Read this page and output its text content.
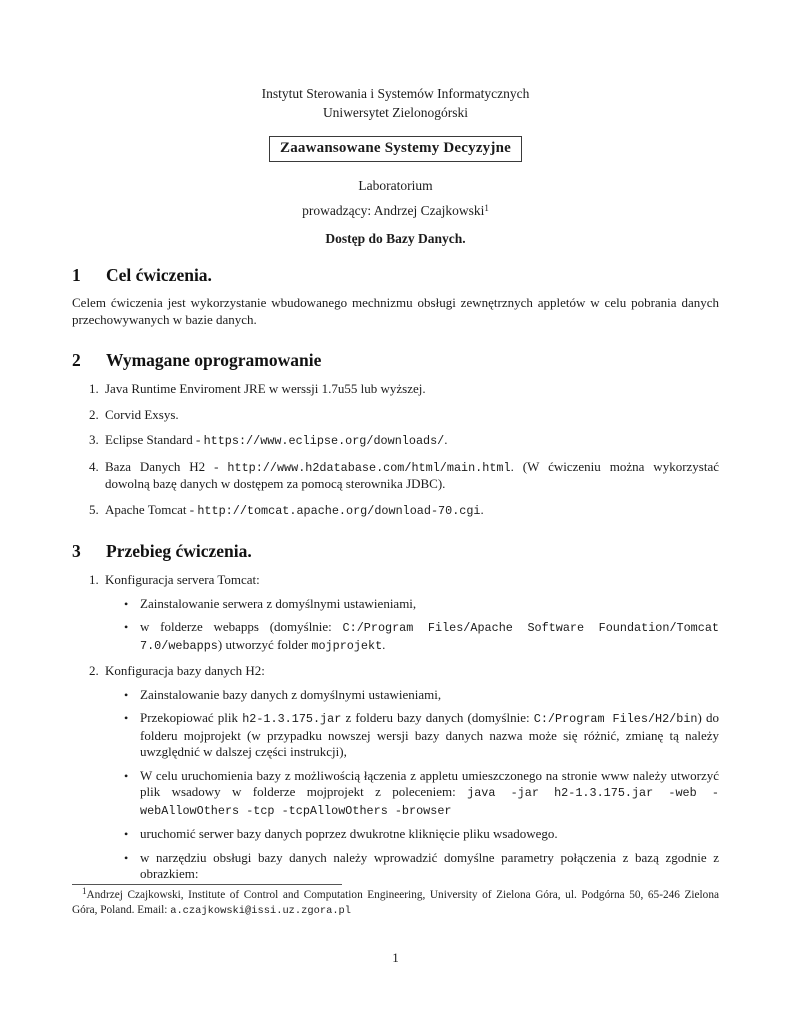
Instytut Sterowania i Systemów Informatycznych
Uniwersytet Zielonogórski
Zaawansowane Systemy Decyzyjne
Laboratorium
prowadzący: Andrzej Czajkowski$^1$
Dostęp do Bazy Danych.
1 Cel ćwiczenia.
Celem ćwiczenia jest wykorzystanie wbudowanego mechnizmu obsługi zewnętrznych appletów w celu pobrania danych przechowywanych w bazie danych.
2 Wymagane oprogramowanie
1. Java Runtime Enviroment JRE w werssji 1.7u55 lub wyższej.
2. Corvid Exsys.
3. Eclipse Standard - https://www.eclipse.org/downloads/.
4. Baza Danych H2 - http://www.h2database.com/html/main.html. (W ćwiczeniu można wykorzystać dowolną bazę danych w dostępem za pomocą sterownika JDBC).
5. Apache Tomcat - http://tomcat.apache.org/download-70.cgi.
3 Przebieg ćwiczenia.
1. Konfiguracja servera Tomcat:
• Zainstalowanie serwera z domyślnymi ustawieniami,
• w folderze webapps (domyślnie: C:/Program Files/Apache Software Foundation/Tomcat 7.0/webapps) utworzyć folder mojprojekt.
2. Konfiguracja bazy danych H2:
• Zainstalowanie bazy danych z domyślnymi ustawieniami,
• Przekopiować plik h2-1.3.175.jar z folderu bazy danych (domyślnie: C:/Program Files/H2/bin) do folderu mojprojekt (w przypadku nowszej wersji bazy danych nazwa może się różnić, zmianę tą należy uwzględnić w dalszej części instrukcji),
• W celu uruchomienia bazy z możliwością łączenia z appletu umieszczonego na stronie www należy utworzyć plik wsadowy w folderze mojprojekt z poleceniem: java -jar h2-1.3.175.jar -web -webAllowOthers -tcp -tcpAllowOthers -browser
• uruchomić serwer bazy danych poprzez dwukrotne kliknięcie pliku wsadowego.
• w narzędziu obsługi bazy danych należy wprowadzić domyślne parametry połączenia z bazą zgodnie z obrazkiem:
$^1$Andrzej Czajkowski, Institute of Control and Computation Engineering, University of Zielona Góra, ul. Podgórna 50, 65-246 Zielona Góra, Poland. Email: a.czajkowski@issi.uz.zgora.pl
1
